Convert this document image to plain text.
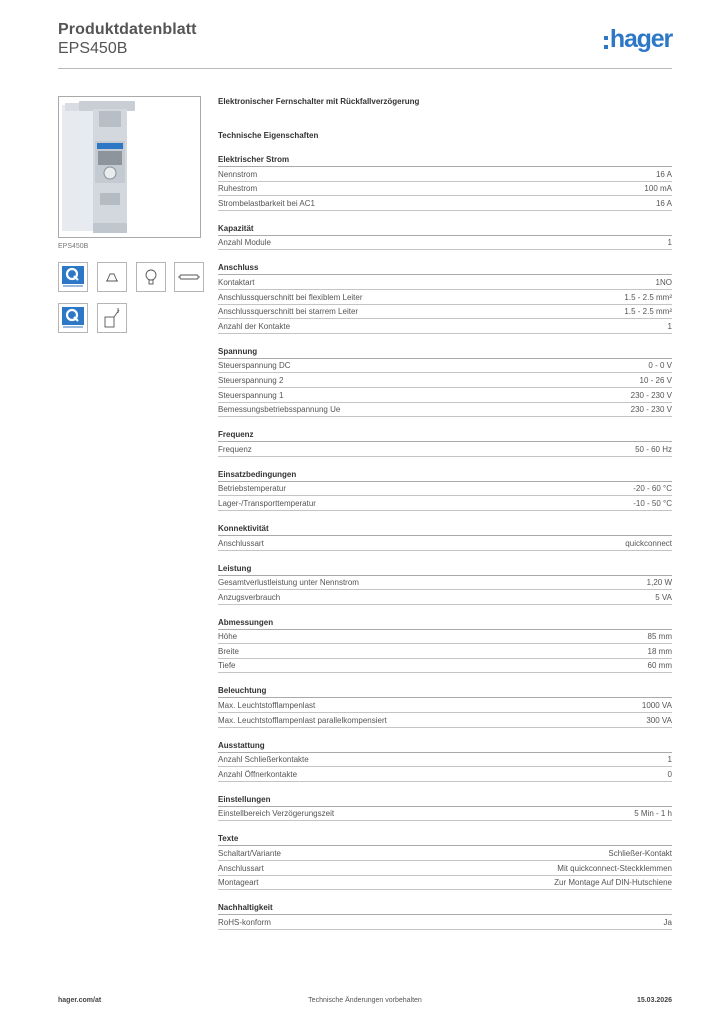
Produktdatenblatt
EPS450B	hager
EPS450B
Elektronischer Fernschalter mit Rückfallverzögerung
Technische Eigenschaften
Elektrischer Strom
Nennstrom	16 A
Ruhestrom	100 mA
Strombelastbarkeit bei AC1	16 A
Kapazität
Anzahl Module	1
Anschluss
Kontaktart	1NO
Anschlussquerschnitt bei flexiblem Leiter	1.5 - 2.5 mm²
Anschlussquerschnitt bei starrem Leiter	1.5 - 2.5 mm²
Anzahl der Kontakte	1
Spannung
Steuerspannung DC	0 - 0 V
Steuerspannung 2	10 - 26 V
Steuerspannung 1	230 - 230 V
Bemessungsbetriebsspannung Ue	230 - 230 V
Frequenz
Frequenz	50 - 60 Hz
Einsatzbedingungen
Betriebstemperatur	-20 - 60 °C
Lager-/Transporttemperatur	-10 - 50 °C
Konnektivität
Anschlussart	quickconnect
Leistung
Gesamtverlustleistung unter Nennstrom	1,20 W
Anzugsverbrauch	5 VA
Abmessungen
Höhe	85 mm
Breite	18 mm
Tiefe	60 mm
Beleuchtung
Max. Leuchtstofflampenlast	1000 VA
Max. Leuchtstofflampenlast parallelkompensiert	300 VA
Ausstattung
Anzahl Schließerkontakte	1
Anzahl Öffnerkontakte	0
Einstellungen
Einstellbereich Verzögerungszeit	5 Min - 1 h
Texte
Schaltart/Variante	Schließer-Kontakt
Anschlussart	Mit quickconnect-Steckklemmen
Montageart	Zur Montage Auf DIN-Hutschiene
Nachhaltigkeit
RoHS-konform	Ja
hager.com/at	Technische Änderungen vorbehalten	15.03.2026
